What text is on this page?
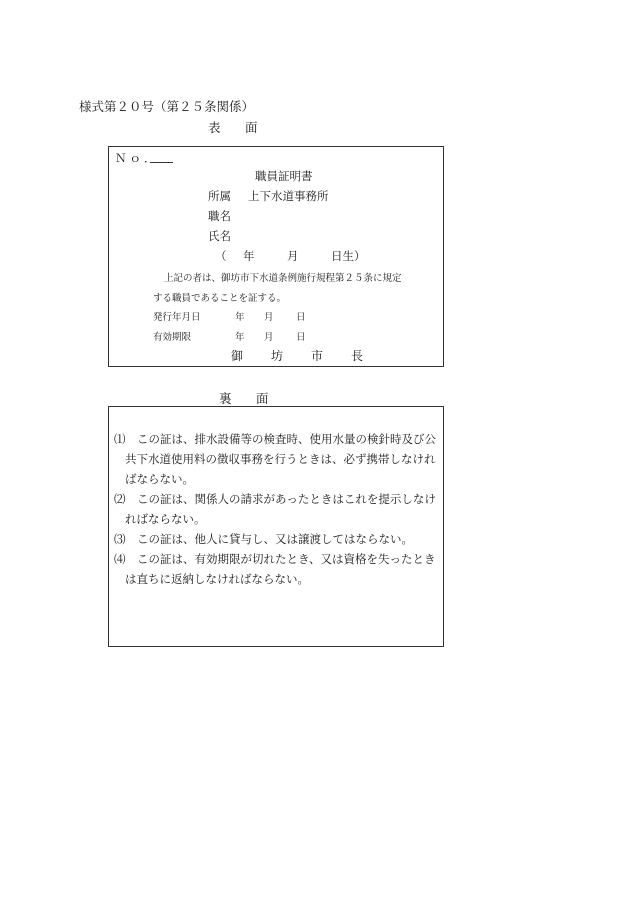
様式第２０号（第２５条関係）
表　面
Ｎｏ．
職員証明書
所属 上下水道事務所
職名
氏名
（ 年	月	日生）
上記の者は、御坊市下水道条例施行規程第２５条に規定
する職員であることを証する。
発行年月日	年 月 日
有効期限	年 月 日
御　坊　市　長
裏　面
⑴ この証は、排水設備等の検査時、使用水量の検針時及び公
共下水道使用料の徴収事務を行うときは、必ず携帯しなけれ
ばならない。
⑵ この証は、関係人の請求があったときはこれを提示しなけ
ればならない。
⑶ この証は、他人に貸与し、又は譲渡してはならない。
⑷ この証は、有効期限が切れたとき、又は資格を失ったとき
は直ちに返納しなければならない。
